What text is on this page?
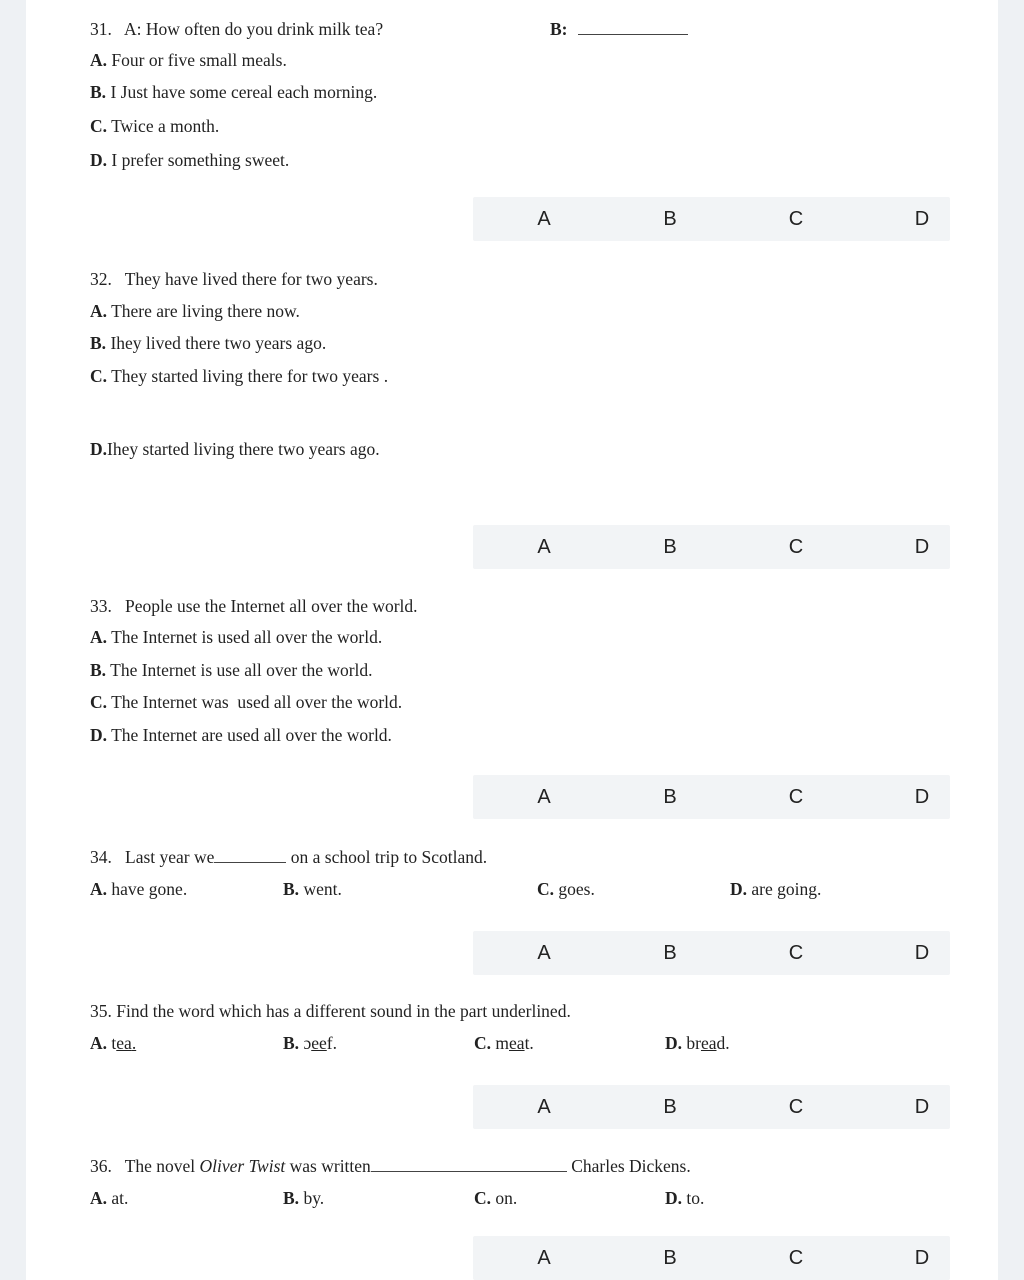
31. A: How often do you drink milk tea?	B:
A. Four or five small meals.
B. I Just have some cereal each morning.
C. Twice a month.
D. I prefer something sweet.
A	B	C	D
32. They have lived there for two years.
A. There are living there now.
B. Ihey lived there two years ago.
C. They started living there for two years .
D.Ihey started living there two years ago.
A	B	C	D
33. People use the Internet all over the world.
A. The Internet is used all over the world.
B. The Internet is use all over the world.
C. The Internet was  used all over the world.
D. The Internet are used all over the world.
A	B	C	D
34. Last year we	on a school trip to Scotland.
A. have gone.	B. went.	C. goes.	D. are going.
A	B	C	D
35. Find the word which has a different sound in the part underlined.
A. tea.	B. ɔeef.	C. meat.	D. bread.
A	B	C	D
36. The novel Oliver Twist was written	Charles Dickens.
A. at.	B. by.	C. on.	D. to.
A	B	C	D
